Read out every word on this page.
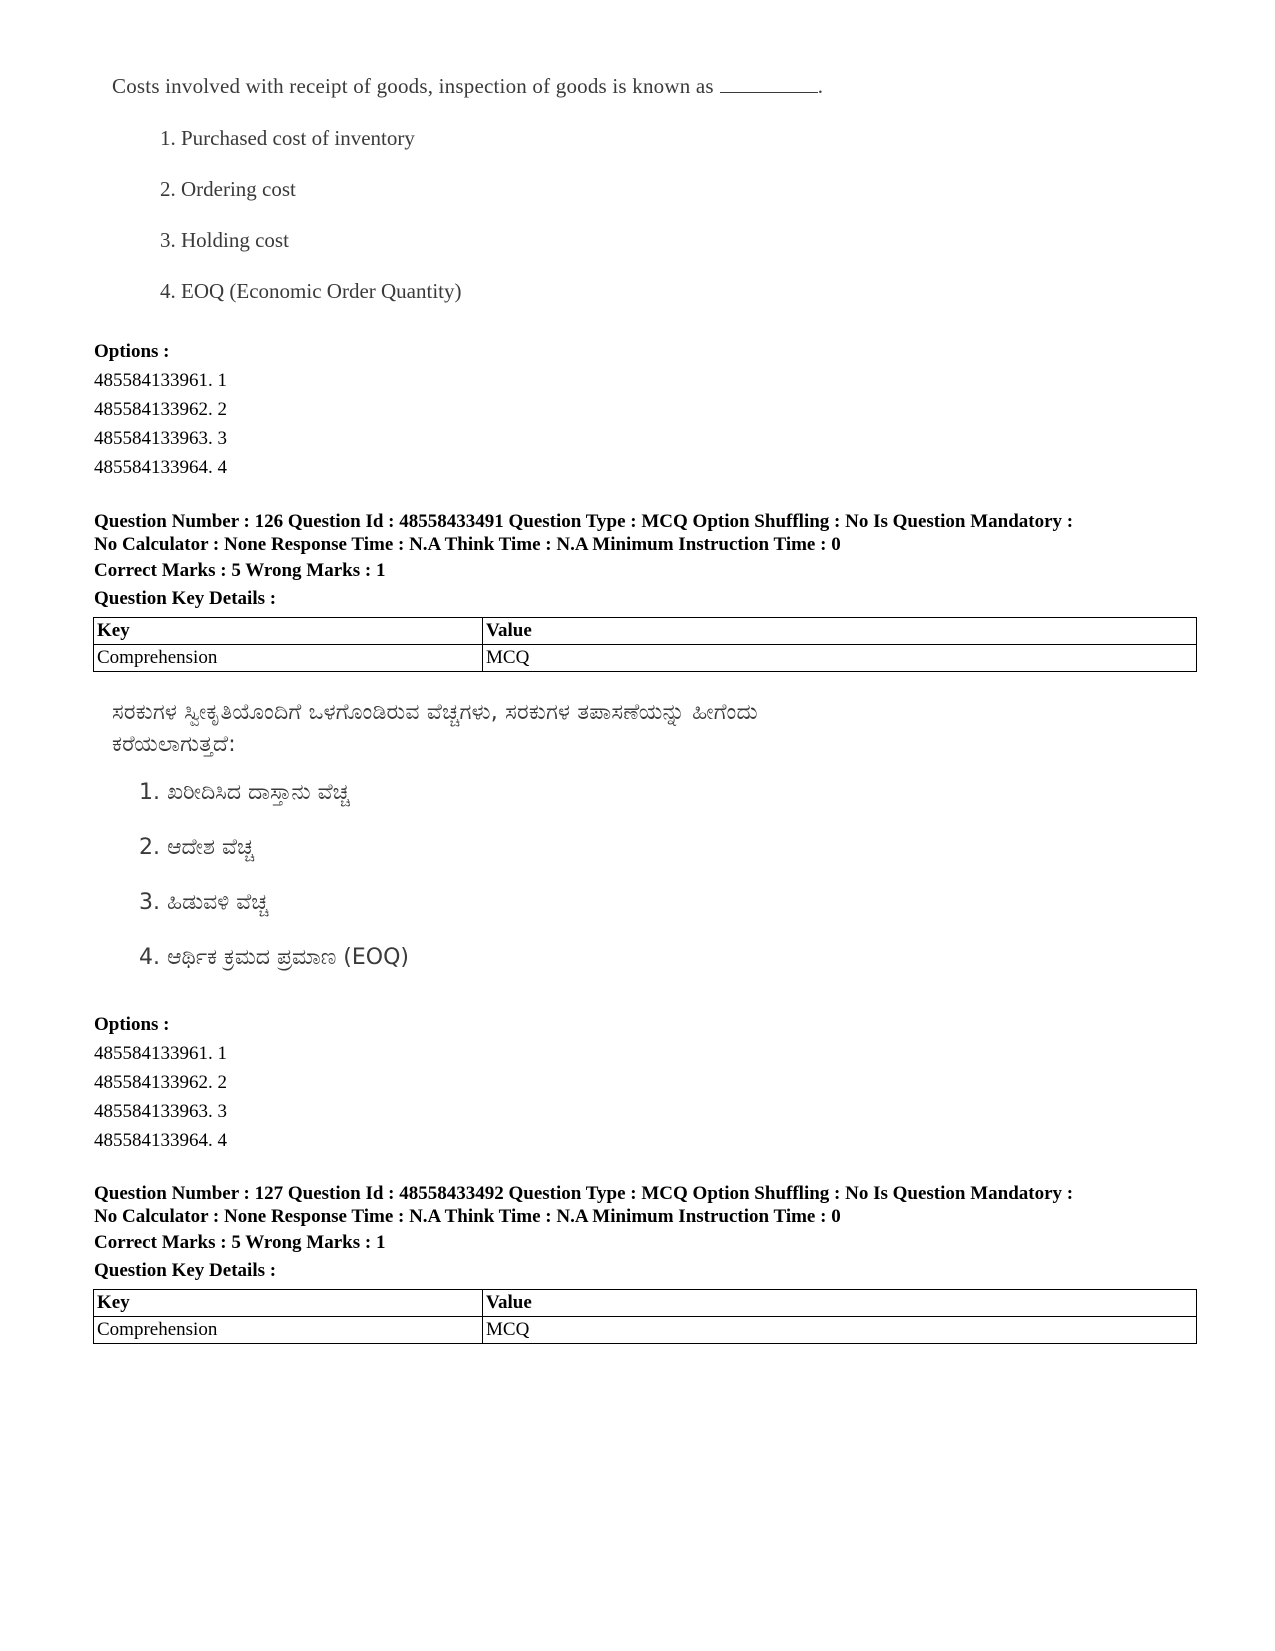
Costs involved with receipt of goods, inspection of goods is known as	.
1. Purchased cost of inventory
2. Ordering cost
3. Holding cost
4. EOQ (Economic Order Quantity)
Options :
485584133961. 1
485584133962. 2
485584133963. 3
485584133964. 4
Question Number : 126 Question Id : 48558433491 Question Type : MCQ Option Shuffling : No Is Question Mandatory :
No Calculator : None Response Time : N.A Think Time : N.A Minimum Instruction Time : 0
Correct Marks : 5 Wrong Marks : 1
Question Key Details :
Key	Value
Comprehension	MCQ
ಸರಕುಗಳ ಸ್ವೀಕೃತಿಯೊಂದಿಗೆ ಒಳಗೊಂಡಿರುವ ವೆಚ್ಚಗಳು, ಸರಕುಗಳ ತಪಾಸಣೆಯನ್ನು ಹೀಗೆಂದು
ಕರೆಯಲಾಗುತ್ತದೆ:
1. ಖರೀದಿಸಿದ ದಾಸ್ತಾನು ವೆಚ್ಚ
2. ಆದೇಶ ವೆಚ್ಚ
3. ಹಿಡುವಳಿ ವೆಚ್ಚ
4. ಆರ್ಥಿಕ ಕ್ರಮದ ಪ್ರಮಾಣ (EOQ)
Options :
485584133961. 1
485584133962. 2
485584133963. 3
485584133964. 4
Question Number : 127 Question Id : 48558433492 Question Type : MCQ Option Shuffling : No Is Question Mandatory :
No Calculator : None Response Time : N.A Think Time : N.A Minimum Instruction Time : 0
Correct Marks : 5 Wrong Marks : 1
Question Key Details :
Key	Value
Comprehension	MCQ
